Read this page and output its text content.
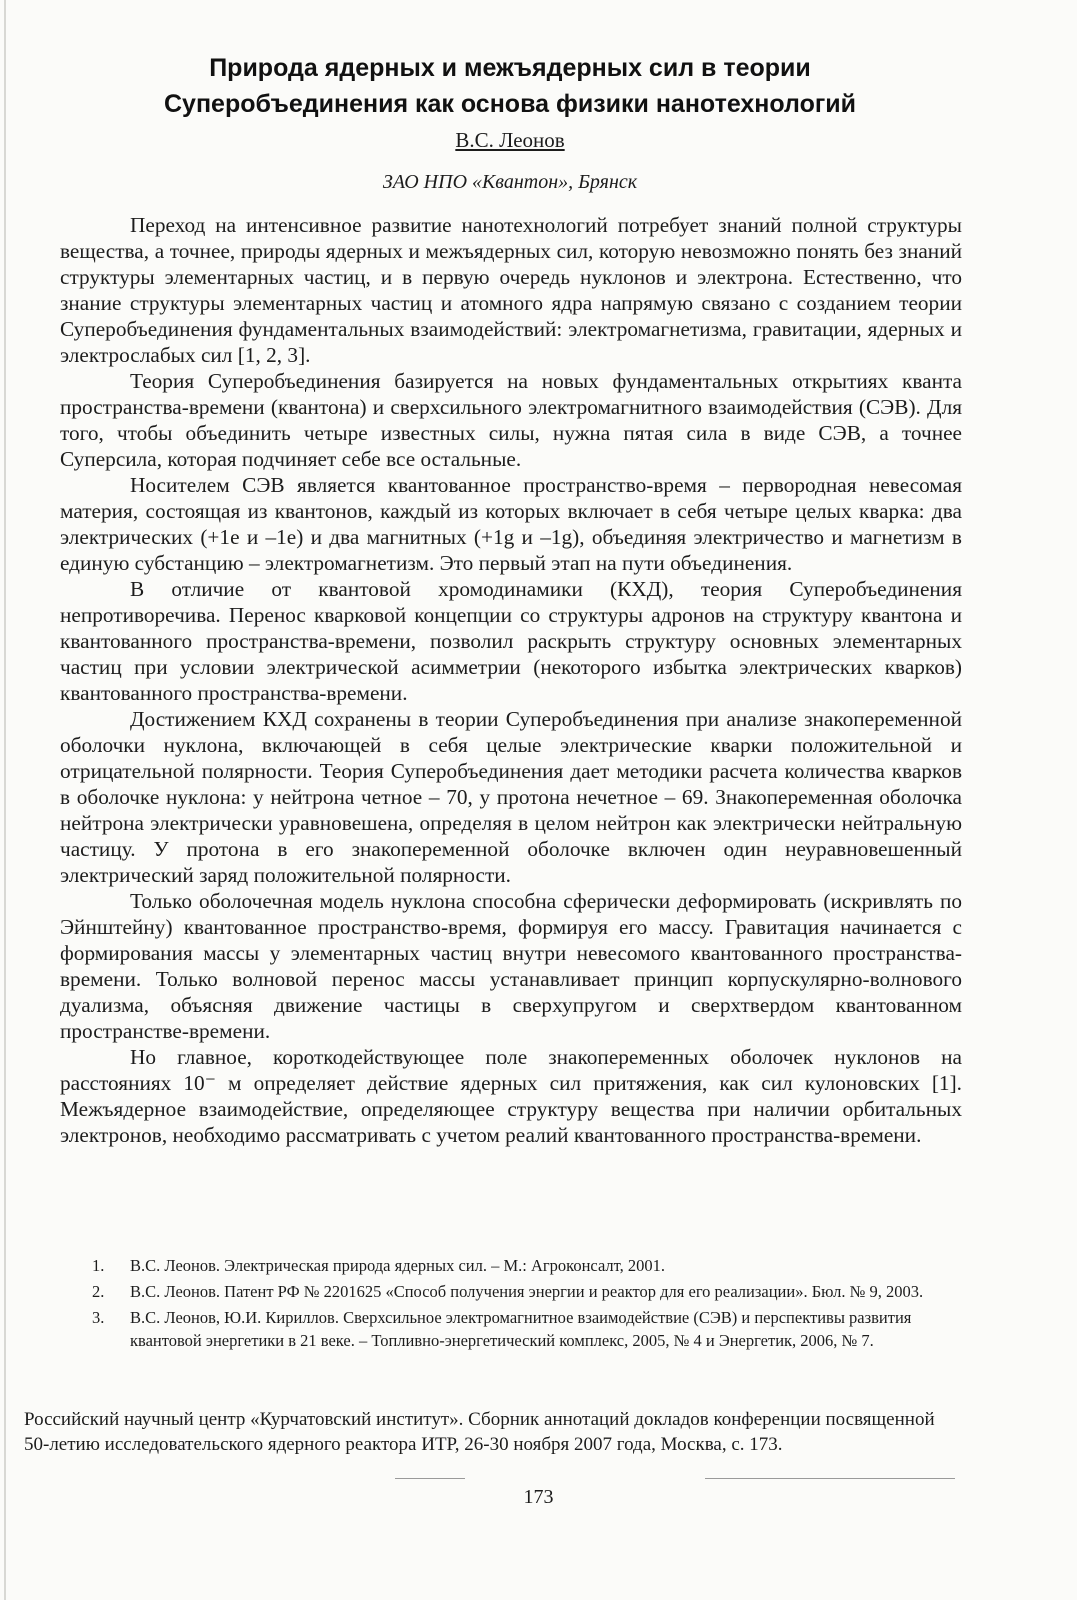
Природа ядерных и межъядерных сил в теории
Суперобъединения как основа физики нанотехнологий
В.С. Леонов
ЗАО НПО «Квантон», Брянск

Переход на интенсивное развитие нанотехнологий потребует знаний полной структуры вещества, а точнее, природы ядерных и межъядерных сил, которую невозможно понять без знаний структуры элементарных частиц, и в первую очередь нуклонов и электрона. Естественно, что знание структуры элементарных частиц и атомного ядра напрямую связано с созданием теории Суперобъединения фундаментальных взаимодействий: электромагнетизма, гравитации, ядерных и электрослабых сил [1, 2, 3].

Теория Суперобъединения базируется на новых фундаментальных открытиях кванта пространства-времени (квантона) и сверхсильного электромагнитного взаимодействия (СЭВ). Для того, чтобы объединить четыре известных силы, нужна пятая сила в виде СЭВ, а точнее Суперсила, которая подчиняет себе все остальные.

Носителем СЭВ является квантованное пространство-время – первородная невесомая материя, состоящая из квантонов, каждый из которых включает в себя четыре целых кварка: два электрических (+1e и –1e) и два магнитных (+1g и –1g), объединяя электричество и магнетизм в единую субстанцию – электромагнетизм. Это первый этап на пути объединения.

В отличие от квантовой хромодинамики (КХД), теория Суперобъединения непротиворечива. Перенос кварковой концепции со структуры адронов на структуру квантона и квантованного пространства-времени, позволил раскрыть структуру основных элементарных частиц при условии электрической асимметрии (некоторого избытка электрических кварков) квантованного пространства-времени.

Достижением КХД сохранены в теории Суперобъединения при анализе знакопеременной оболочки нуклона, включающей в себя целые электрические кварки положительной и отрицательной полярности. Теория Суперобъединения дает методики расчета количества кварков в оболочке нуклона: у нейтрона четное – 70, у протона нечетное – 69. Знакопеременная оболочка нейтрона электрически уравновешена, определяя в целом нейтрон как электрически нейтральную частицу. У протона в его знакопеременной оболочке включен один неуравновешенный электрический заряд положительной полярности.

Только оболочечная модель нуклона способна сферически деформировать (искривлять по Эйнштейну) квантованное пространство-время, формируя его массу. Гравитация начинается с формирования массы у элементарных частиц внутри невесомого квантованного пространства-времени. Только волновой перенос массы устанавливает принцип корпускулярно-волнового дуализма, объясняя движение частицы в сверхупругом и сверхтвердом квантованном пространстве-времени.

Но главное, короткодействующее поле знакопеременных оболочек нуклонов на расстояниях 10⁻ м определяет действие ядерных сил притяжения, как сил кулоновских [1]. Межъядерное взаимодействие, определяющее структуру вещества при наличии орбитальных электронов, необходимо рассматривать с учетом реалий квантованного пространства-времени.

1. В.С. Леонов. Электрическая природа ядерных сил. – М.: Агроконсалт, 2001.
2. В.С. Леонов. Патент РФ № 2201625 «Способ получения энергии и реактор для его реализации». Бюл. № 9, 2003.
3. В.С. Леонов, Ю.И. Кириллов. Сверхсильное электромагнитное взаимодействие (СЭВ) и перспективы развития квантовой энергетики в 21 веке. – Топливно-энергетический комплекс, 2005, № 4 и Энергетик, 2006, № 7.
Российский научный центр «Курчатовский институт». Сборник аннотаций докладов конференции посвященной 50-летию исследовательского ядерного реактора ИТР, 26-30 ноября 2007 года, Москва, с. 173.
173
